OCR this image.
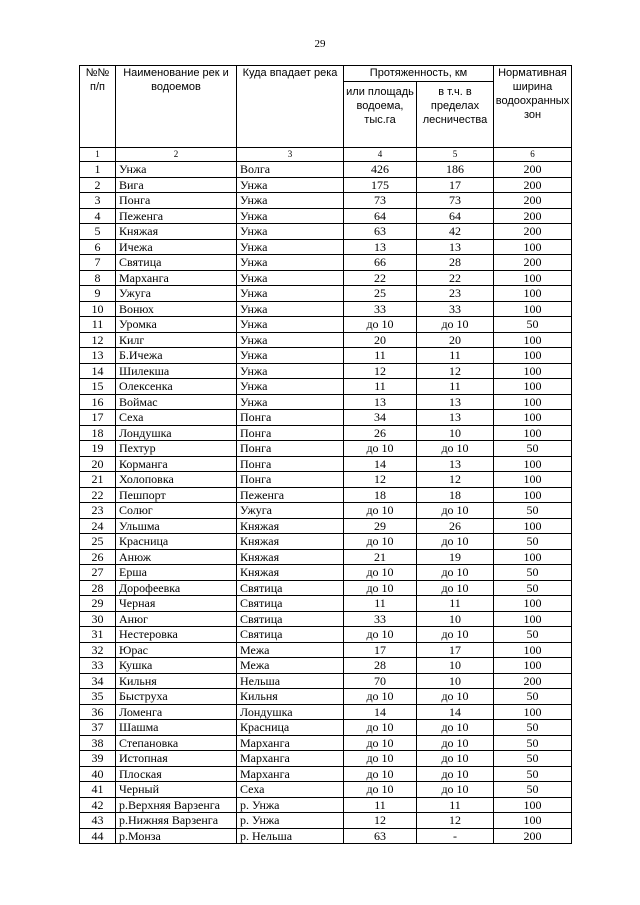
29
№№ п/п	Наименование рек и водоемов	Куда впадает река	Протяженность, км		Нормативная ширина водоохранных зон
			или площадь водоема, тыс.га	в т.ч. в пределах лесничества	
1	2	3	4	5	6
1	Унжа	Волга	426	186	200
2	Вига	Унжа	175	17	200
3	Понга	Унжа	73	73	200
4	Пеженга	Унжа	64	64	200
5	Княжая	Унжа	63	42	200
6	Ичежа	Унжа	13	13	100
7	Святица	Унжа	66	28	200
8	Марханга	Унжа	22	22	100
9	Ужуга	Унжа	25	23	100
10	Вонюх	Унжа	33	33	100
11	Уромка	Унжа	до 10	до 10	50
12	Килг	Унжа	20	20	100
13	Б.Ичежа	Унжа	11	11	100
14	Шилекша	Унжа	12	12	100
15	Олексенка	Унжа	11	11	100
16	Воймас	Унжа	13	13	100
17	Сеха	Понга	34	13	100
18	Лондушка	Понга	26	10	100
19	Пехтур	Понга	до 10	до 10	50
20	Корманга	Понга	14	13	100
21	Холоповка	Понга	12	12	100
22	Пешпорт	Пеженга	18	18	100
23	Солюг	Ужуга	до 10	до 10	50
24	Ульшма	Княжая	29	26	100
25	Красница	Княжая	до 10	до 10	50
26	Анюж	Княжая	21	19	100
27	Ерша	Княжая	до 10	до 10	50
28	Дорофеевка	Святица	до 10	до 10	50
29	Черная	Святица	11	11	100
30	Анюг	Святица	33	10	100
31	Нестеровка	Святица	до 10	до 10	50
32	Юрас	Межа	17	17	100
33	Кушка	Межа	28	10	100
34	Кильня	Нельша	70	10	200
35	Быструха	Кильня	до 10	до 10	50
36	Ломенга	Лондушка	14	14	100
37	Шашма	Красница	до 10	до 10	50
38	Степановка	Марханга	до 10	до 10	50
39	Истопная	Марханга	до 10	до 10	50
40	Плоская	Марханга	до 10	до 10	50
41	Черный	Сеха	до 10	до 10	50
42	р.Верхняя Варзенга	р. Унжа	11	11	100
43	р.Нижняя Варзенга	р. Унжа	12	12	100
44	р.Монза	р. Нельша	63	-	200
